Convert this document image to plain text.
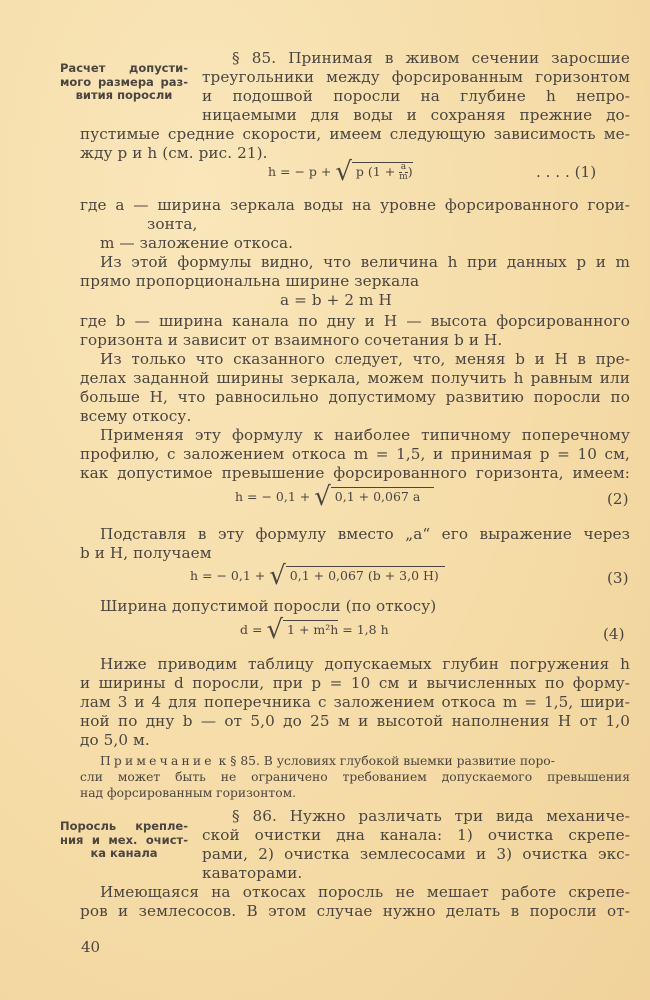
Расчет допусти-
мого размера раз-
вития поросли
§ 85. Принимая в живом сечении заросшие
треугольники между форсированным горизонтом
и подошвой поросли на глубине h непро-
ницаемыми для воды и сохраняя прежние до-
пустимые средние скорости, имеем следующую зависимость ме-
жду р и h (см. рис. 21).
h = − p + √ p ($1 + \frac{a}{m}$ )	. . . . (1)
где а — ширина зеркала воды на уровне форсированного гори-
зонта,
m — заложение откоса.
Из этой формулы видно, что величина h при данных р и m
прямо пропорциональна ширине зеркала
а = b + 2 m H
где b — ширина канала по дну и Н — высота форсированного
горизонта и зависит от взаимного сочетания b и Н.
Из только что сказанного следует, что, меняя b и Н в пре-
делах заданной ширины зеркала, можем получить h равным или
больше Н, что равносильно допустимому развитию поросли по
всему откосу.
Применяя эту формулу к наиболее типичному поперечному
профилю, с заложением откоса m = 1,5, и принимая р = 10 см,
как допустимое превышение форсированного горизонта, имеем:
h = − 0,1 + √ 0,1 + 0,067 a	(2)
Подставля в эту формулу вместо „а“ его выражение через
b и Н, получаем
h = − 0,1 + √ 0,1 + 0,067 (b + 3,0 H)	(3)
Ширина допустимой поросли (по откосу)
d = √ 1 + m²h = 1,8 h	(4)
Ниже приводим таблицу допускаемых глубин погружения h
и ширины d поросли, при р = 10 см и вычисленных по форму-
лам 3 и 4 для поперечника с заложением откоса m = 1,5, шири-
ной по дну b — от 5,0 до 25 м и высотой наполнения Н от 1,0
до 5,0 м.
Примечание к § 85. В условиях глубокой выемки развитие поро-
сли может быть не ограничено требованием допускаемого превышения
над форсированным горизонтом.
Поросль крепле-
ния и мех. очист-
ка канала
§ 86. Нужно различать три вида механиче-
ской очистки дна канала: 1) очистка скрепе-
рами, 2) очистка землесосами и 3) очистка экс-
каваторами.
Имеющаяся на откосах поросль не мешает работе скрепе-
ров и землесосов. В этом случае нужно делать в поросли от-
40
